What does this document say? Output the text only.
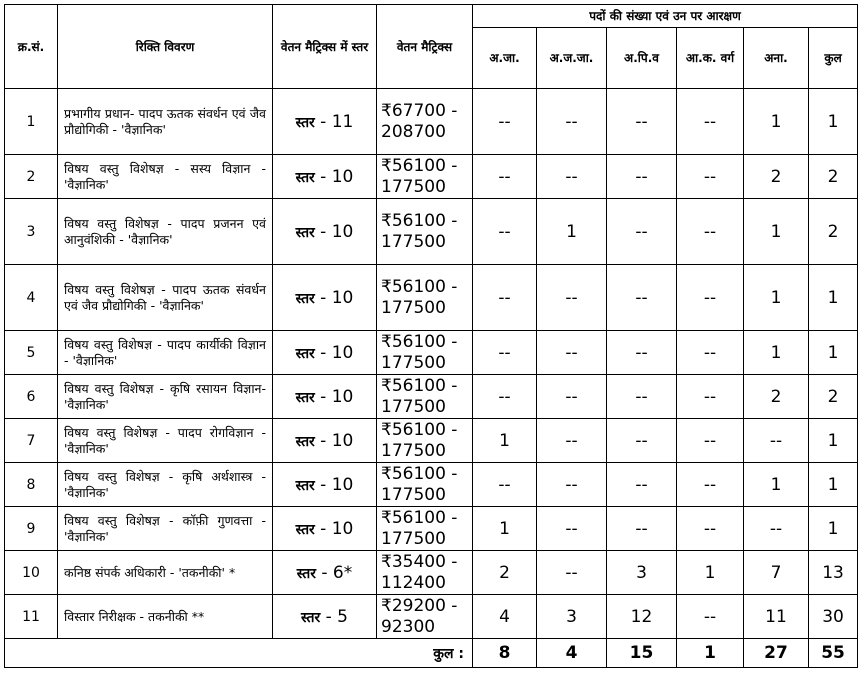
क्र.सं.	रिक्ति विवरण	वेतन मैट्रिक्स में स्तर	वेतन मैट्रिक्स	पदों की संख्या एवं उन पर आरक्षण					
				अ.जा.	अ.ज.जा.	अ.पि.व	आ.क. वर्ग	अना.	कुल
1	प्रभागीय प्रधान- पादप ऊतक संवर्धन एवं जैव प्रौद्योगिकी - 'वैज्ञानिक'	स्तर - 11	₹67700 - 208700	--	--	--	--	1	1
2	विषय वस्तु विशेषज्ञ - सस्य विज्ञान - 'वैज्ञानिक'	स्तर - 10	₹56100 - 177500	--	--	--	--	2	2
3	विषय वस्तु विशेषज्ञ - पादप प्रजनन एवं आनुवंशिकी - 'वैज्ञानिक'	स्तर - 10	₹56100 - 177500	--	1	--	--	1	2
4	विषय वस्तु विशेषज्ञ - पादप ऊतक संवर्धन एवं जैव प्रौद्योगिकी - 'वैज्ञानिक'	स्तर - 10	₹56100 - 177500	--	--	--	--	1	1
5	विषय वस्तु विशेषज्ञ - पादप कार्यीकी विज्ञान - 'वैज्ञानिक'	स्तर - 10	₹56100 - 177500	--	--	--	--	1	1
6	विषय वस्तु विशेषज्ञ - कृषि रसायन विज्ञान- 'वैज्ञानिक'	स्तर - 10	₹56100 - 177500	--	--	--	--	2	2
7	विषय वस्तु विशेषज्ञ - पादप रोगविज्ञान - 'वैज्ञानिक'	स्तर - 10	₹56100 - 177500	1	--	--	--	--	1
8	विषय वस्तु विशेषज्ञ - कृषि अर्थशास्त्र - 'वैज्ञानिक'	स्तर - 10	₹56100 - 177500	--	--	--	--	1	1
9	विषय वस्तु विशेषज्ञ - कॉफ़ी गुणवत्ता - 'वैज्ञानिक'	स्तर - 10	₹56100 - 177500	1	--	--	--	--	1
10	कनिष्ठ संपर्क अधिकारी - 'तकनीकी' *	स्तर - 6*	₹35400 - 112400	2	--	3	1	7	13
11	विस्तार निरीक्षक - तकनीकी **	स्तर - 5	₹29200 - 92300	4	3	12	--	11	30
कुल :				8	4	15	1	27	55
